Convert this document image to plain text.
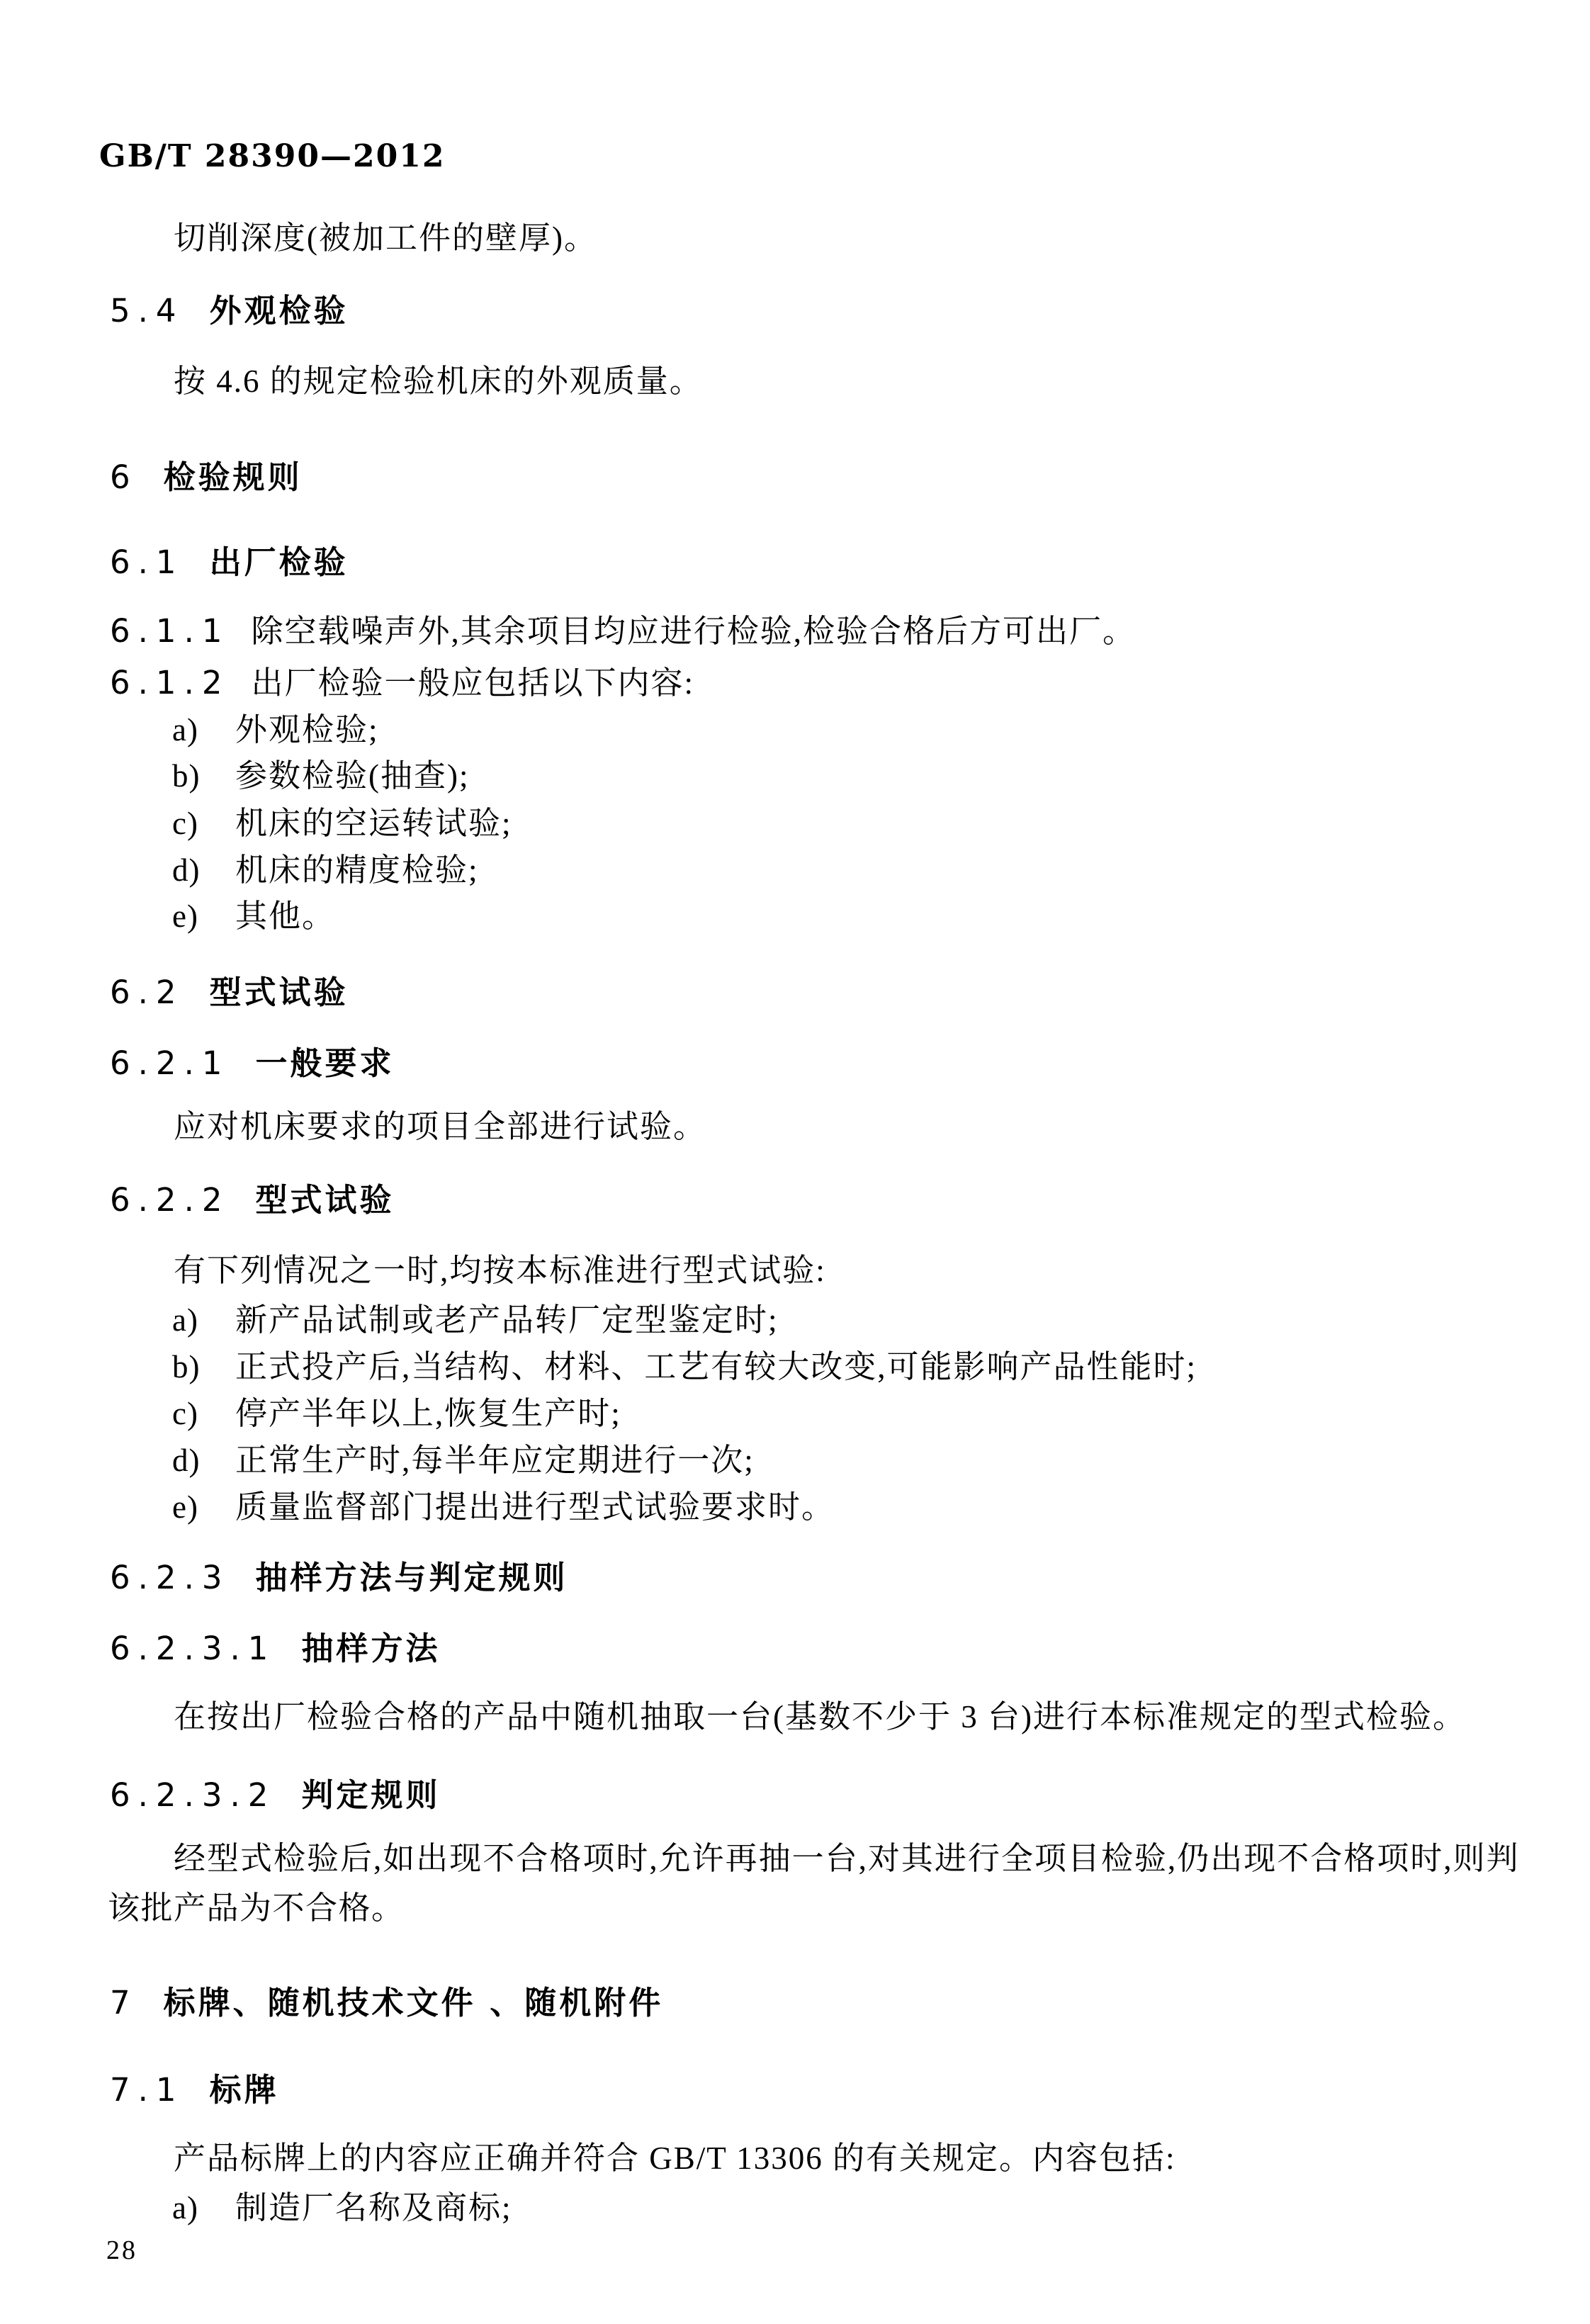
GB/T 28390—2012
切削深度(被加工件的壁厚)。
5.4 外观检验
按 4.6 的规定检验机床的外观质量。
6 检验规则
6.1 出厂检验
6.1.1 除空载噪声外,其余项目均应进行检验,检验合格后方可出厂。
6.1.2 出厂检验一般应包括以下内容:
a) 外观检验;
b) 参数检验(抽查);
c) 机床的空运转试验;
d) 机床的精度检验;
e) 其他。
6.2 型式试验
6.2.1 一般要求
应对机床要求的项目全部进行试验。
6.2.2 型式试验
有下列情况之一时,均按本标准进行型式试验:
a) 新产品试制或老产品转厂定型鉴定时;
b) 正式投产后,当结构、材料、工艺有较大改变,可能影响产品性能时;
c) 停产半年以上,恢复生产时;
d) 正常生产时,每半年应定期进行一次;
e) 质量监督部门提出进行型式试验要求时。
6.2.3 抽样方法与判定规则
6.2.3.1 抽样方法
在按出厂检验合格的产品中随机抽取一台(基数不少于 3 台)进行本标准规定的型式检验。
6.2.3.2 判定规则
经型式检验后,如出现不合格项时,允许再抽一台,对其进行全项目检验,仍出现不合格项时,则判该批产品为不合格。
7 标牌、随机技术文件 、随机附件
7.1 标牌
产品标牌上的内容应正确并符合 GB/T 13306 的有关规定。内容包括:
a) 制造厂名称及商标;
28
